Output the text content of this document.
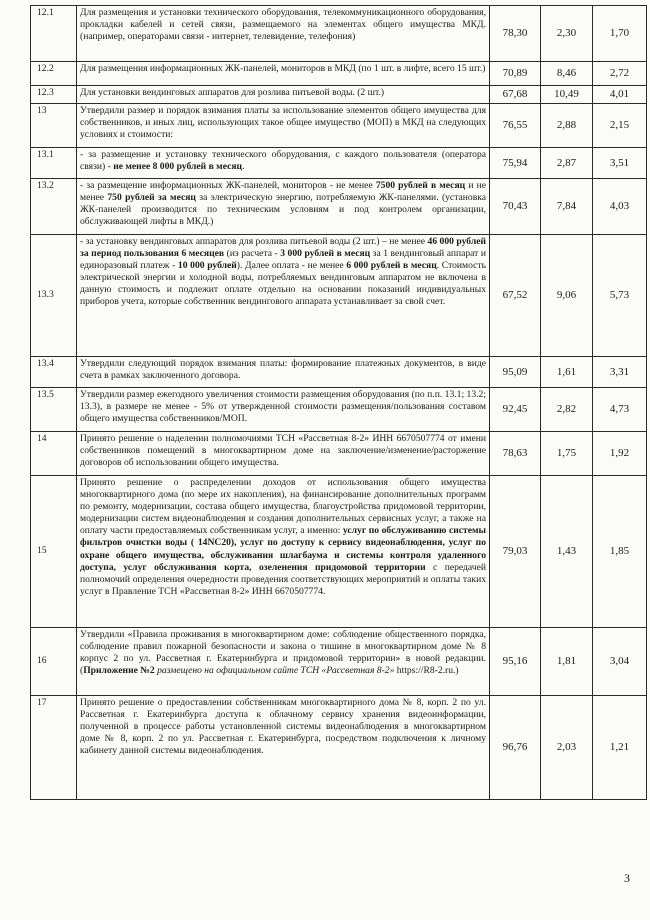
12.1	Для размещения и установки технического оборудования, телекоммуникационного оборудования, прокладки кабелей и сетей связи, размещаемого на элементах общего имущества МКД. (например, операторами связи - интернет, телевидение, телефония)	78,30	2,30	1,70
12.2	Для размещения информационных ЖК-панелей, мониторов в МКД (по 1 шт. в лифте, всего 15 шт.)	70,89	8,46	2,72
12.3	Для установки вендинговых аппаратов для розлива питьевой воды. (2 шт.)	67,68	10,49	4,01
13	Утвердили размер и порядок взимания платы за использование элементов общего имущества для собственников, и иных лиц, использующих такое общее имущество (МОП) в МКД на следующих условиях и стоимости:	76,55	2,88	2,15
13.1	- за размещение и установку технического оборудования, с каждого пользователя (оператора связи) - не менее 8 000 рублей в месяц.	75,94	2,87	3,51
13.2	- за размещение информационных ЖК-панелей, мониторов - не менее 7500 рублей в месяц и не менее 750 рублей за месяц за электрическую энергию, потребляемую ЖК-панелями. (установка ЖК-панелей производится по техническим условиям и под контролем организации, обслуживающей лифты в МКД.)	70,43	7,84	4,03
13.3	- за установку вендинговых аппаратов для розлива питьевой воды (2 шт.) – не менее 46 000 рублей за период пользования 6 месяцев (из расчета - 3 000 рублей в месяц за 1 вендинговый аппарат и единоразовый платеж - 10 000 рублей). Далее оплата - не менее 6 000 рублей в месяц. Стоимость электрической энергии и холодной воды, потребляемых вендинговым аппаратом не включена в данную стоимость и подлежит оплате отдельно на основании показаний индивидуальных приборов учета, которые собственник вендингового аппарата устанавливает за свой счет.	67,52	9,06	5,73
13.4	Утвердили следующий порядок взимания платы: формирование платежных документов, в виде счета в рамках заключенного договора.	95,09	1,61	3,31
13.5	Утвердили размер ежегодного увеличения стоимости размещения оборудования (по п.п. 13.1; 13.2; 13.3), в размере не менее - 5% от утвержденной стоимости размещения/пользования составом общего имущества собственников/МОП.	92,45	2,82	4,73
14	Принято решение о наделении полномочиями ТСН «Рассветная 8-2» ИНН 6670507774 от имени собственников помещений в многоквартирном доме на заключение/изменение/расторжение договоров об использовании общего имущества.	78,63	1,75	1,92
15	Принято решение о распределении доходов от использования общего имущества многоквартирного дома (по мере их накопления), на финансирование дополнительных программ по ремонту, модернизации, состава общего имущества, благоустройства придомовой территории, модернизации систем видеонаблюдения и создания дополнительных сервисных услуг, а также на оплату части предоставляемых собственникам услуг, а именно: услуг по обслуживанию системы фильтров очистки воды ( 14NC20), услуг по доступу к сервису видеонаблюдения, услуг по охране общего имущества, обслуживания шлагбаума и системы контроля удаленного доступа, услуг обслуживания корта, озеленения придомовой территории с передачей полномочий определения очередности проведения соответствующих мероприятий и оплаты таких услуг в Правление ТСН «Рассветная 8-2» ИНН 6670507774.	79,03	1,43	1,85
16	Утвердили «Правила проживания в многоквартирном доме: соблюдение общественного порядка, соблюдение правил пожарной безопасности и закона о тишине в многоквартирном доме № 8 корпус 2 по ул. Рассветная г. Екатеринбурга и придомовой территории» в новой редакции. (Приложение №2 размещено на официальном сайте ТСН «Рассветная 8-2» https://R8-2.ru.)	95,16	1,81	3,04
17	Принято решение о предоставлении собственникам многоквартирного дома № 8, корп. 2 по ул. Рассветная г. Екатеринбурга доступа к облачному сервису хранения видеоинформации, полученной в процессе работы установленной системы видеонаблюдения в многоквартирном доме № 8, корп. 2 по ул. Рассветная г. Екатеринбурга, посредством подключения к личному кабинету данной системы видеонаблюдения.	96,76	2,03	1,21
3
